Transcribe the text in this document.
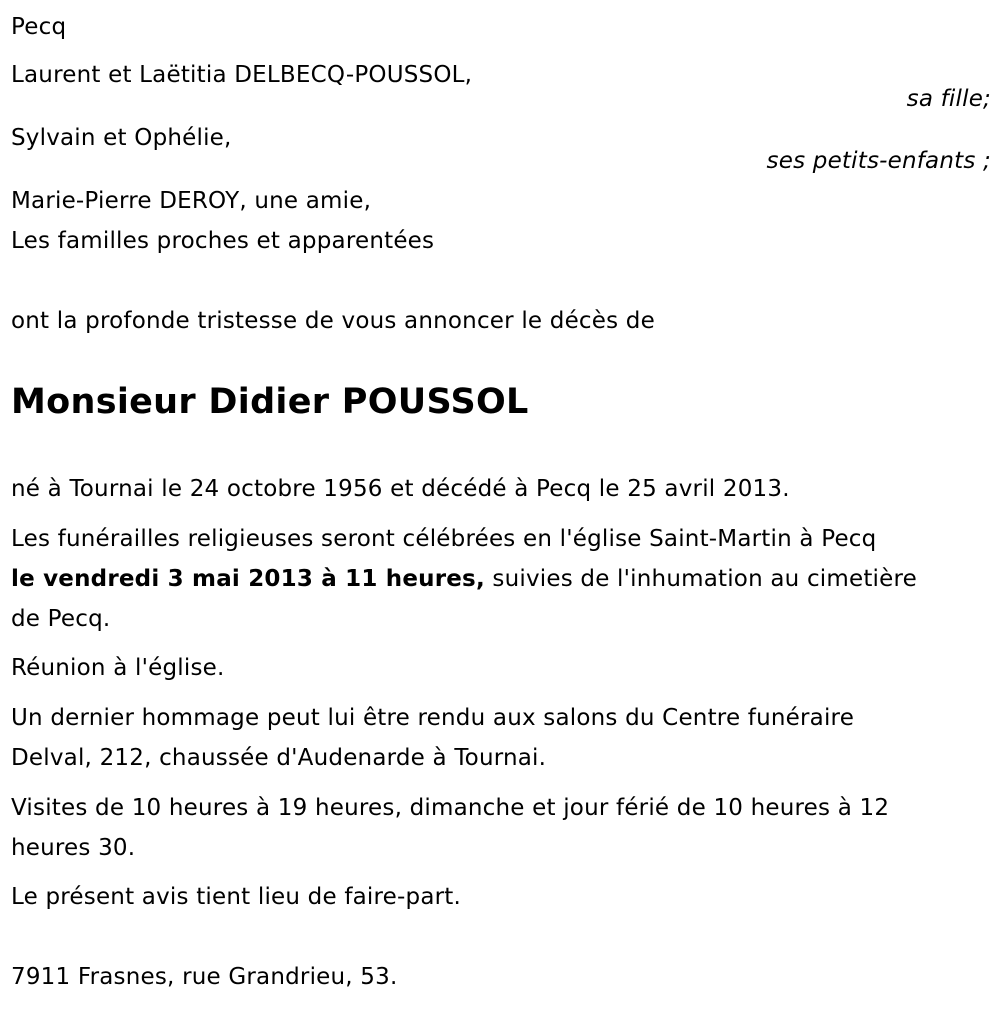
Pecq
Laurent et Laëtitia DELBECQ-POUSSOL,
sa fille;
Sylvain et Ophélie,
ses petits-enfants ;
Marie-Pierre DEROY, une amie,
Les familles proches et apparentées
ont la profonde tristesse de vous annoncer le décès de
Monsieur Didier POUSSOL
né à Tournai le 24 octobre 1956 et décédé à Pecq le 25 avril 2013.
Les funérailles religieuses seront célébrées en l'église Saint-Martin à Pecq
le vendredi 3 mai 2013 à 11 heures, suivies de l'inhumation au cimetière
de Pecq.
Réunion à l'église.
Un dernier hommage peut lui être rendu aux salons du Centre funéraire
Delval, 212, chaussée d'Audenarde à Tournai.
Visites de 10 heures à 19 heures, dimanche et jour férié de 10 heures à 12
heures 30.
Le présent avis tient lieu de faire-part.
7911 Frasnes, rue Grandrieu, 53.
